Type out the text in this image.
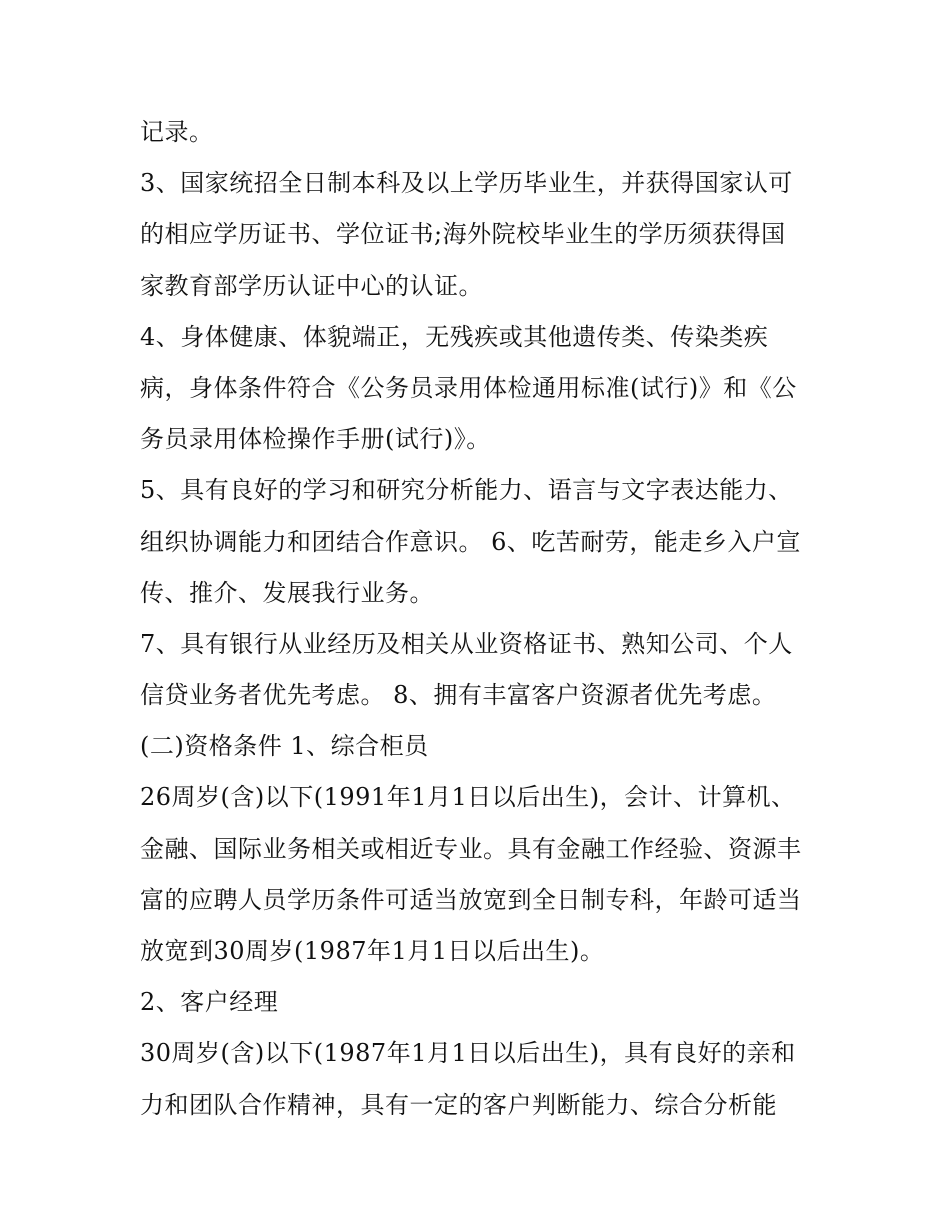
记录。
3、国家统招全日制本科及以上学历毕业生，并获得国家认可
的相应学历证书、学位证书;海外院校毕业生的学历须获得国
家教育部学历认证中心的认证。
4、身体健康、体貌端正，无残疾或其他遗传类、传染类疾
病，身体条件符合《公务员录用体检通用标准(试行)》和《公
务员录用体检操作手册(试行)》。
5、具有良好的学习和研究分析能力、语言与文字表达能力、
组织协调能力和团结合作意识。 6、吃苦耐劳，能走乡入户宣
传、推介、发展我行业务。
7、具有银行从业经历及相关从业资格证书、熟知公司、个人
信贷业务者优先考虑。 8、拥有丰富客户资源者优先考虑。
(二)资格条件 1、综合柜员
26周岁(含)以下(1991年1月1日以后出生)，会计、计算机、
金融、国际业务相关或相近专业。具有金融工作经验、资源丰
富的应聘人员学历条件可适当放宽到全日制专科，年龄可适当
放宽到30周岁(1987年1月1日以后出生)。
2、客户经理
30周岁(含)以下(1987年1月1日以后出生)，具有良好的亲和
力和团队合作精神，具有一定的客户判断能力、综合分析能
